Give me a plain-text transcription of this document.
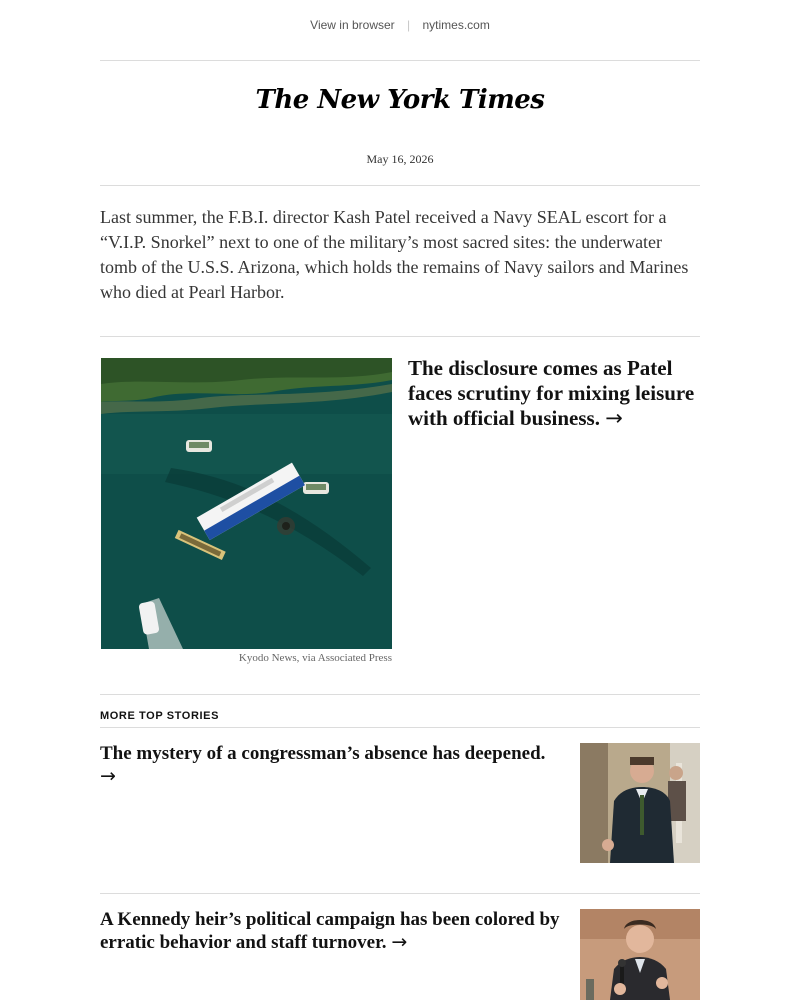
View in browser | nytimes.com
The New York Times
May 16, 2026
Last summer, the F.B.I. director Kash Patel received a Navy SEAL escort for a “V.I.P. Snorkel” next to one of the military’s most sacred sites: the underwater tomb of the U.S.S. Arizona, which holds the remains of Navy sailors and Marines who died at Pearl Harbor.
Kyodo News, via Associated Press
The disclosure comes as Patel faces scrutiny for mixing leisure with official business. →
MORE TOP STORIES
The mystery of a congressman’s absence has deepened. →
A Kennedy heir’s political campaign has been colored by erratic behavior and staff turnover. →
